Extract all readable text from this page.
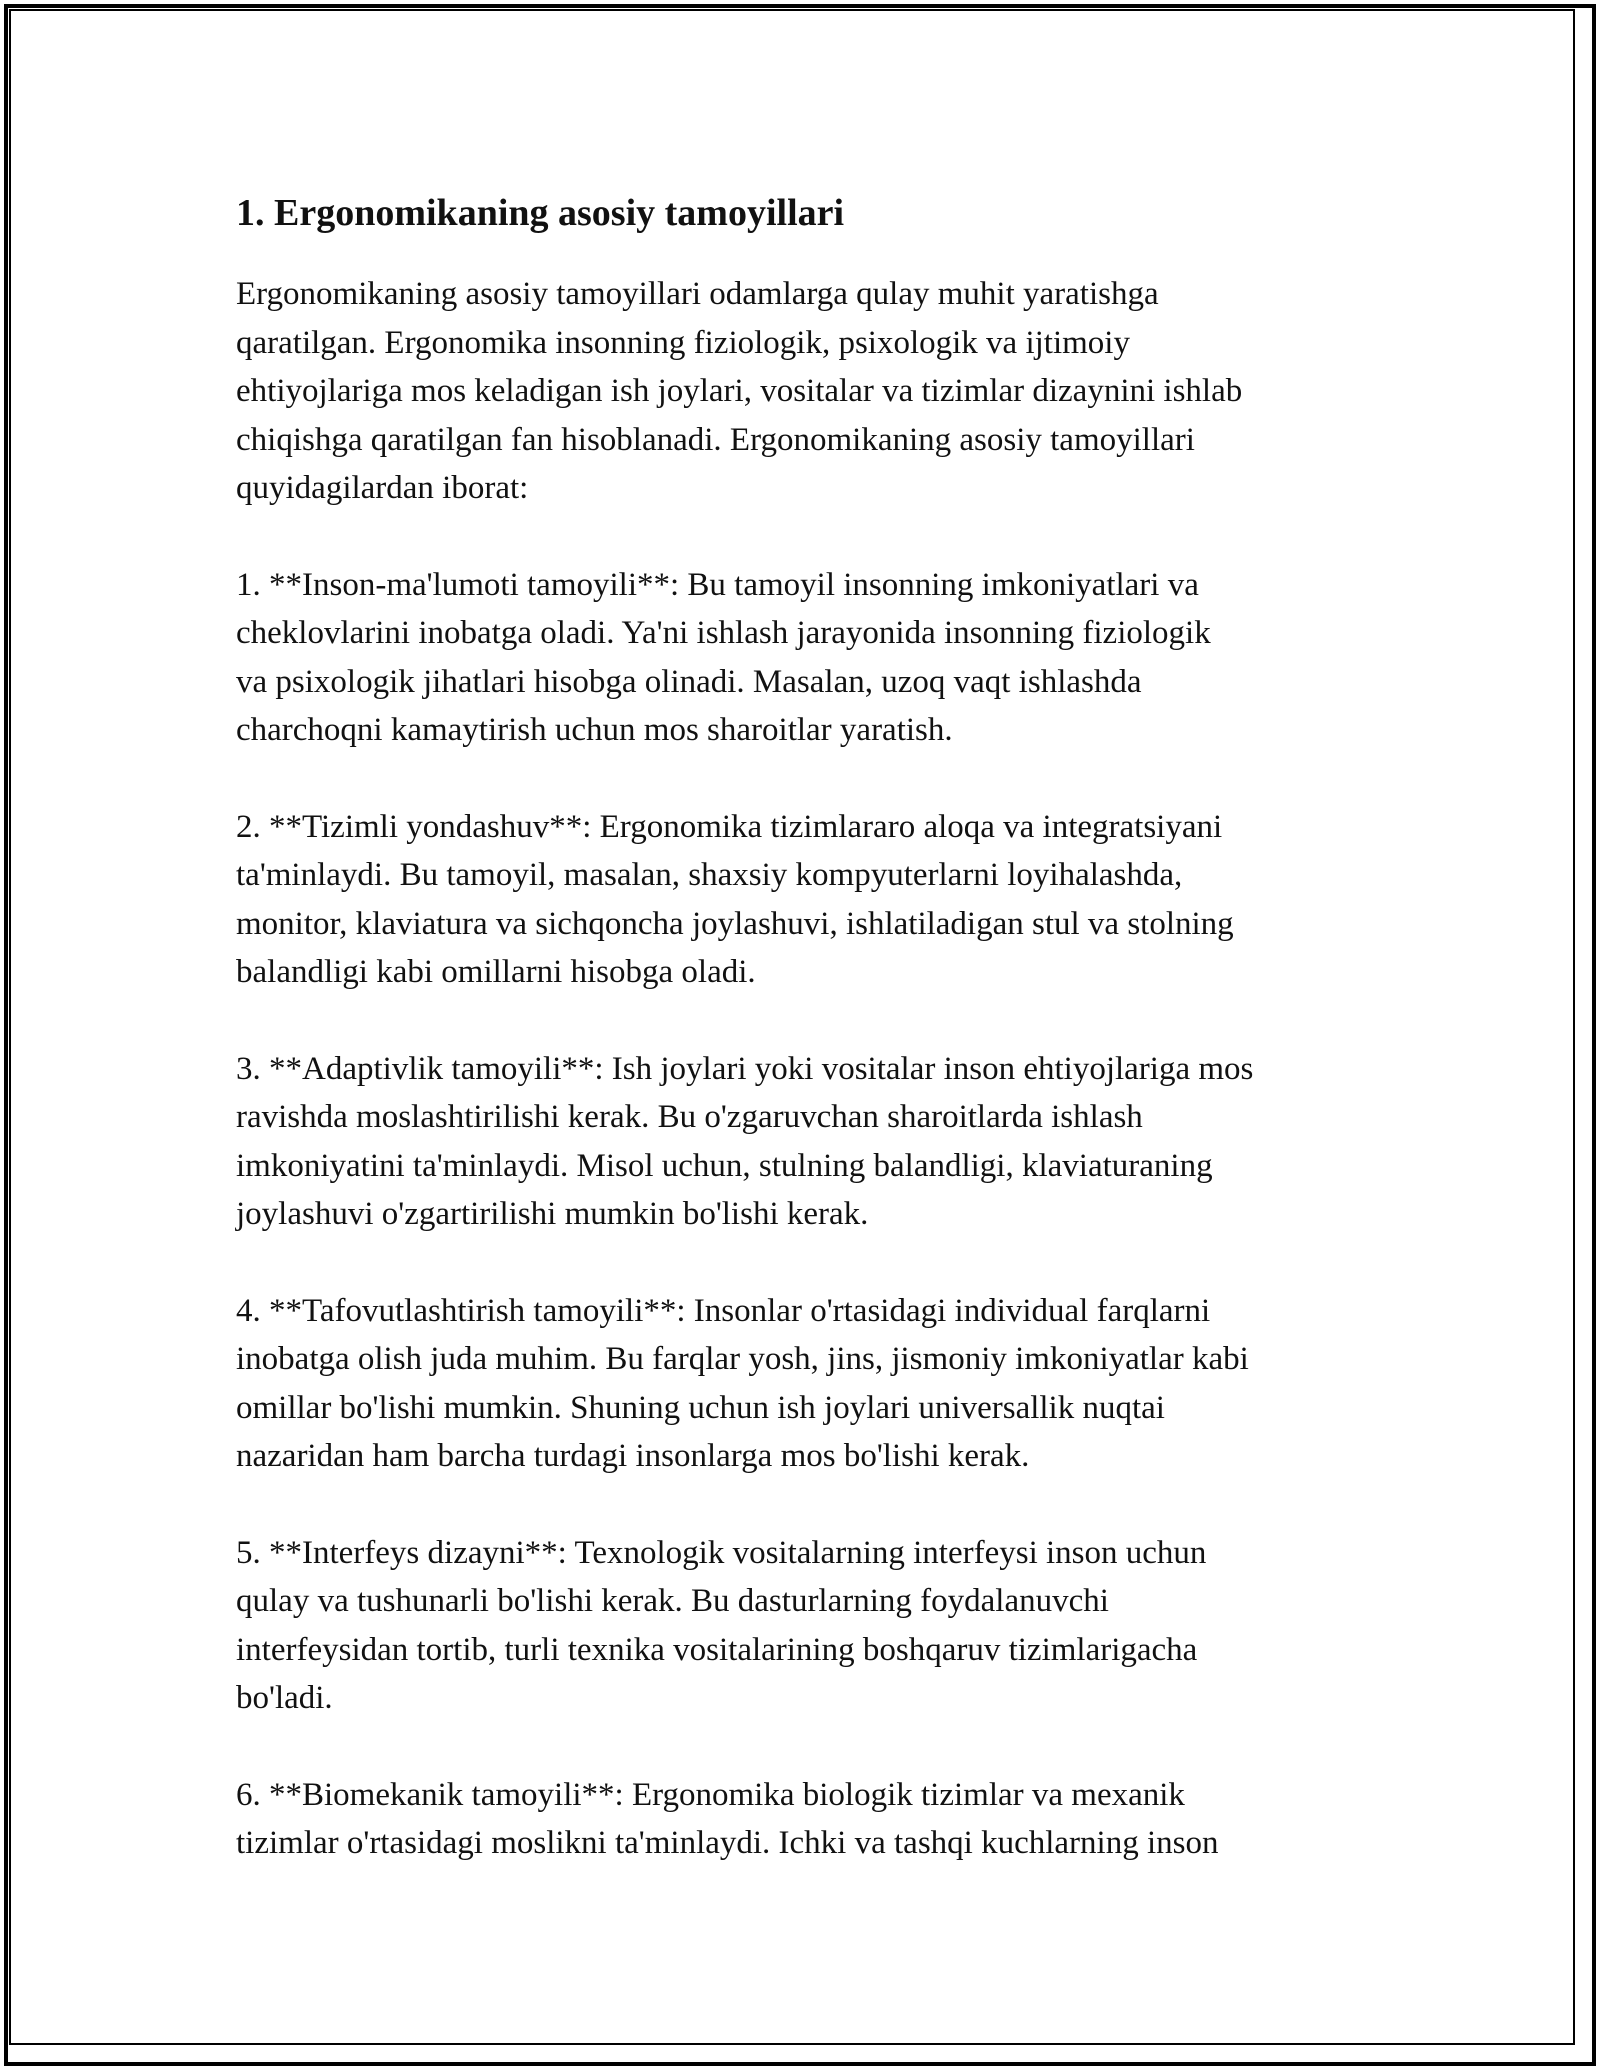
1. Ergonomikaning asosiy tamoyillari

Ergonomikaning asosiy tamoyillari odamlarga qulay muhit yaratishga
qaratilgan. Ergonomika insonning fiziologik, psixologik va ijtimoiy
ehtiyojlariga mos keladigan ish joylari, vositalar va tizimlar dizaynini ishlab
chiqishga qaratilgan fan hisoblanadi. Ergonomikaning asosiy tamoyillari
quyidagilardan iborat:

1. **Inson-ma'lumoti tamoyili**: Bu tamoyil insonning imkoniyatlari va
cheklovlarini inobatga oladi. Ya'ni ishlash jarayonida insonning fiziologik
va psixologik jihatlari hisobga olinadi. Masalan, uzoq vaqt ishlashda
charchoqni kamaytirish uchun mos sharoitlar yaratish.

2. **Tizimli yondashuv**: Ergonomika tizimlararo aloqa va integratsiyani
ta'minlaydi. Bu tamoyil, masalan, shaxsiy kompyuterlarni loyihalashda,
monitor, klaviatura va sichqoncha joylashuvi, ishlatiladigan stul va stolning
balandligi kabi omillarni hisobga oladi.

3. **Adaptivlik tamoyili**: Ish joylari yoki vositalar inson ehtiyojlariga mos
ravishda moslashtirilishi kerak. Bu o'zgaruvchan sharoitlarda ishlash
imkoniyatini ta'minlaydi. Misol uchun, stulning balandligi, klaviaturaning
joylashuvi o'zgartirilishi mumkin bo'lishi kerak.

4. **Tafovutlashtirish tamoyili**: Insonlar o'rtasidagi individual farqlarni
inobatga olish juda muhim. Bu farqlar yosh, jins, jismoniy imkoniyatlar kabi
omillar bo'lishi mumkin. Shuning uchun ish joylari universallik nuqtai
nazaridan ham barcha turdagi insonlarga mos bo'lishi kerak.

5. **Interfeys dizayni**: Texnologik vositalarning interfeysi inson uchun
qulay va tushunarli bo'lishi kerak. Bu dasturlarning foydalanuvchi
interfeysidan tortib, turli texnika vositalarining boshqaruv tizimlarigacha
bo'ladi.

6. **Biomekanik tamoyili**: Ergonomika biologik tizimlar va mexanik
tizimlar o'rtasidagi moslikni ta'minlaydi. Ichki va tashqi kuchlarning inson
